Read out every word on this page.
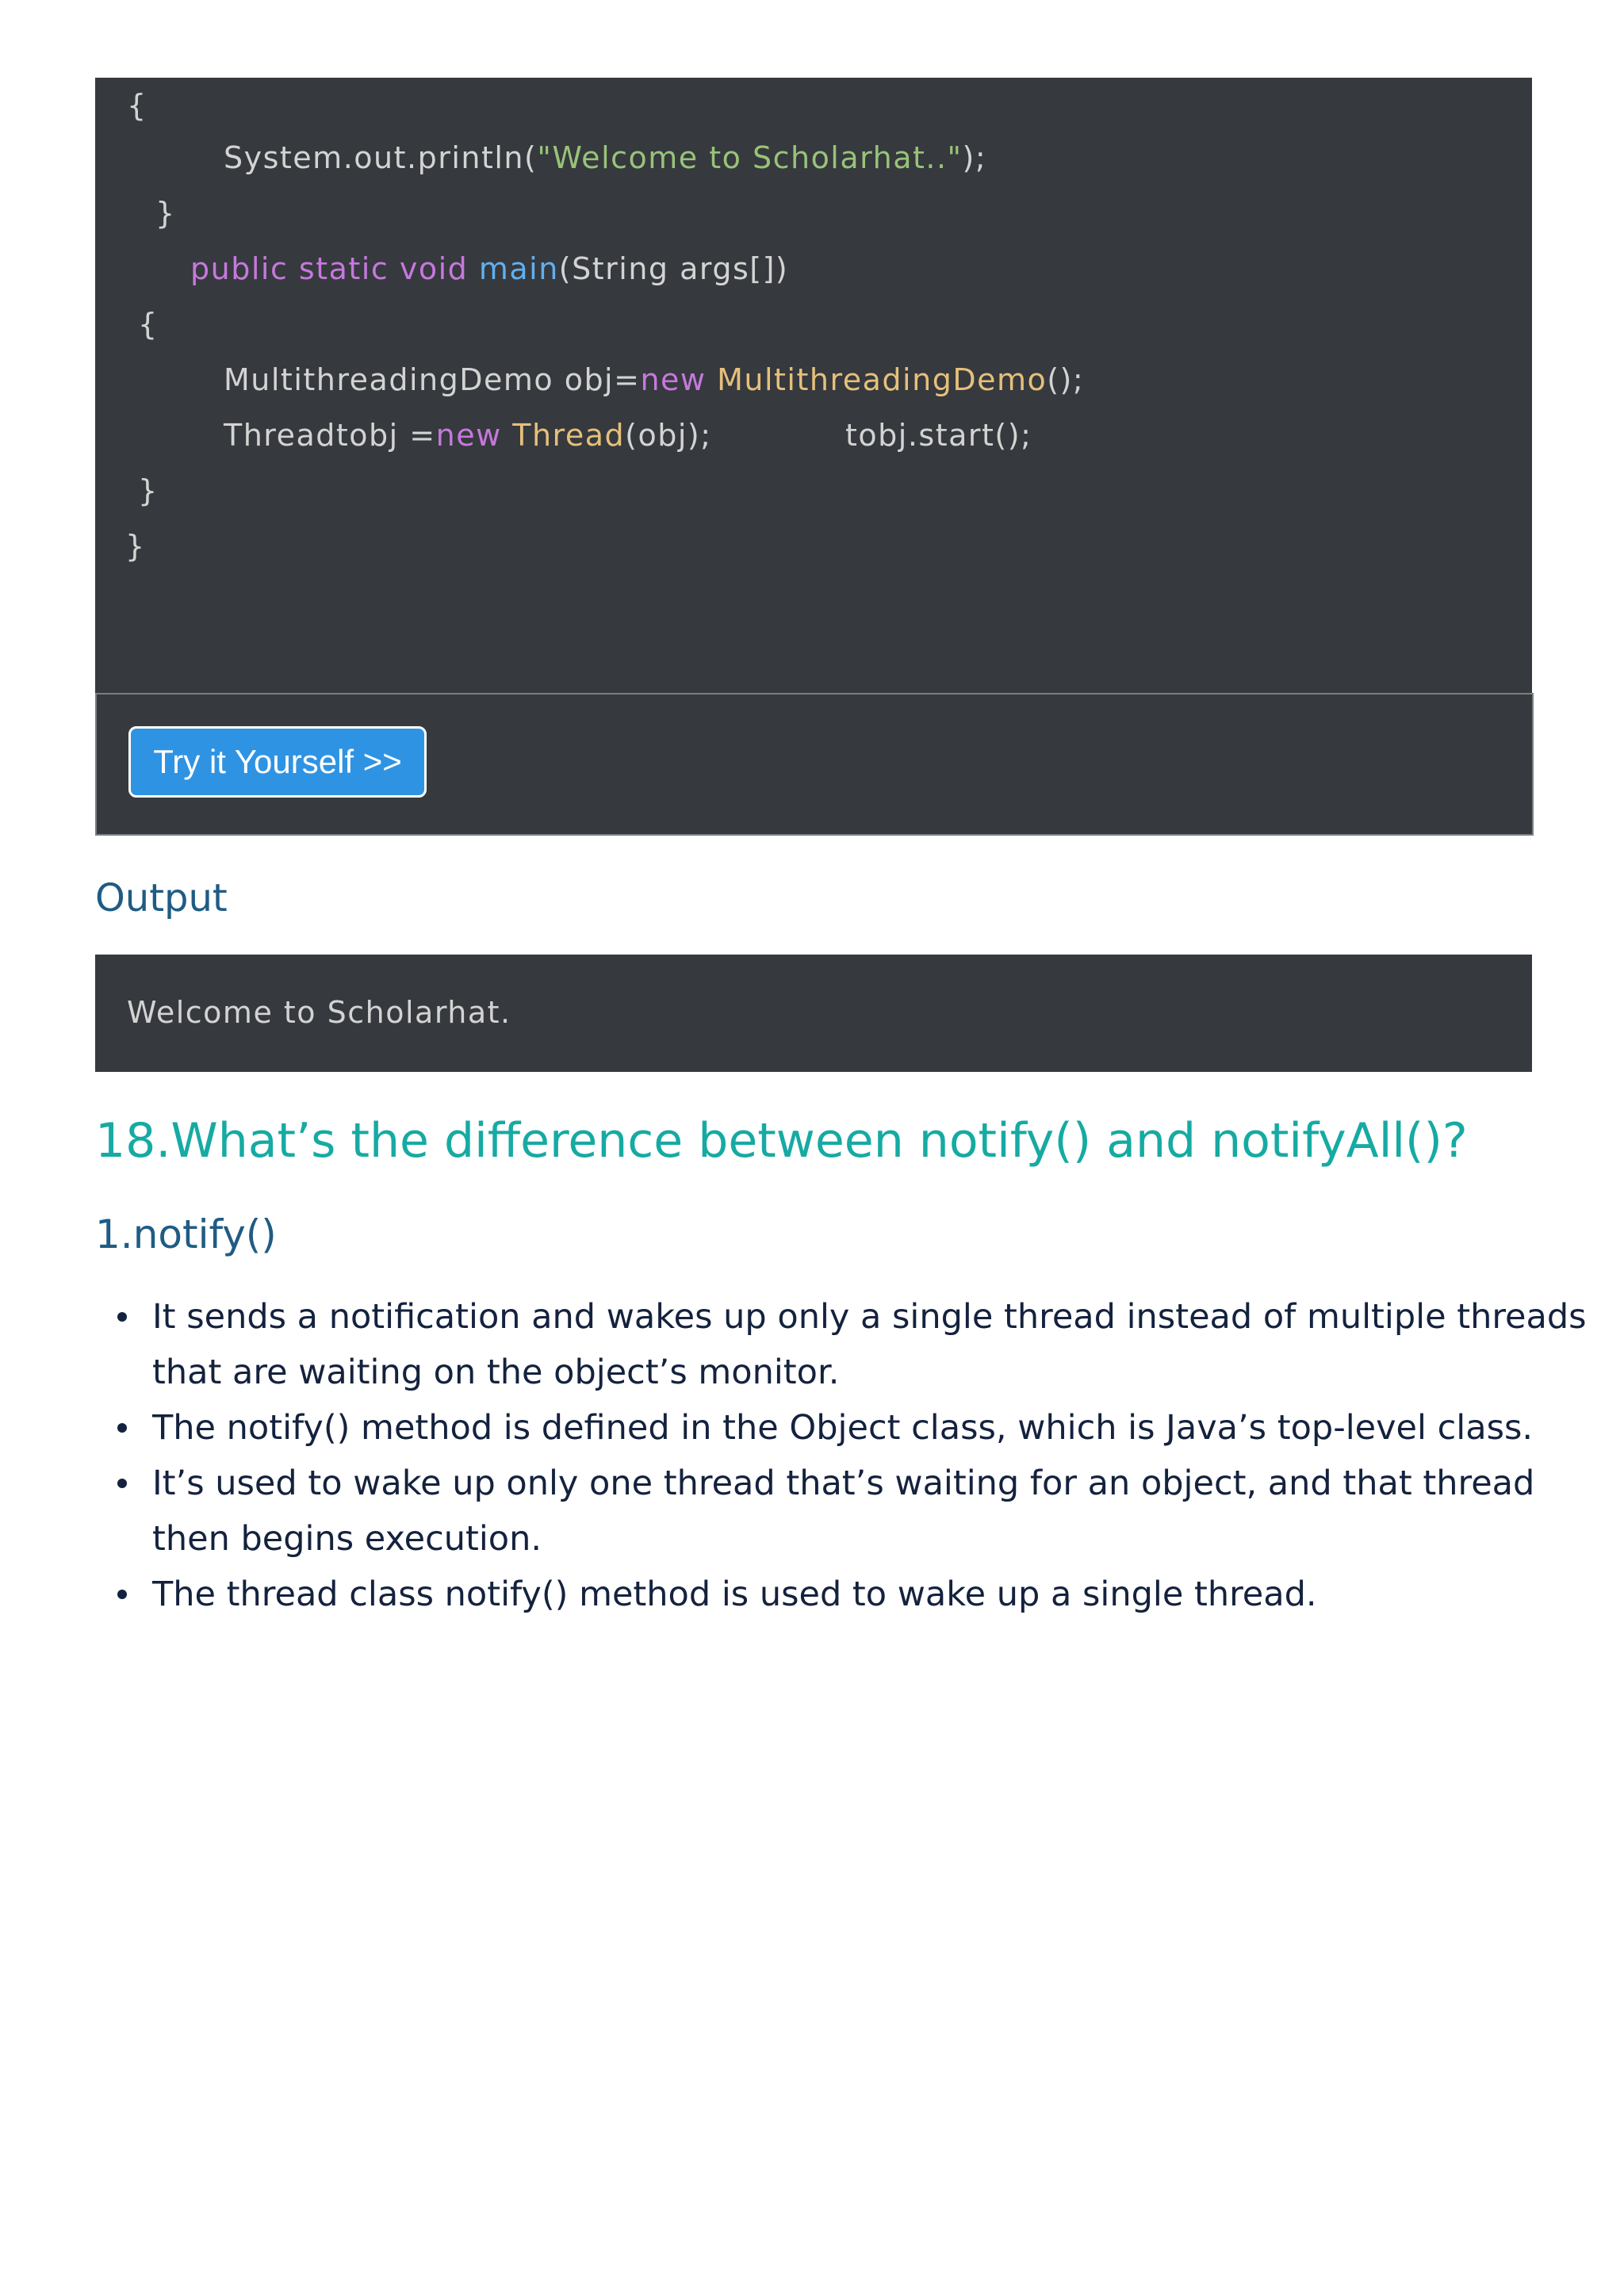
{
System.out.println("Welcome to Scholarhat..");
}
public static void main(String args[])
{
MultithreadingDemo obj=new MultithreadingDemo();
Threadtobj =new Thread(obj);	tobj.start();
}
}
Try it Yourself >>
Output
Welcome to Scholarhat.
18.What’s the difference between notify() and notifyAll()?
1.notify()
It sends a notification and wakes up only a single thread instead of multiple threads that are waiting on the object’s monitor.
The notify() method is defined in the Object class, which is Java’s top-level class.
It’s used to wake up only one thread that’s waiting for an object, and that thread then begins execution.
The thread class notify() method is used to wake up a single thread.
